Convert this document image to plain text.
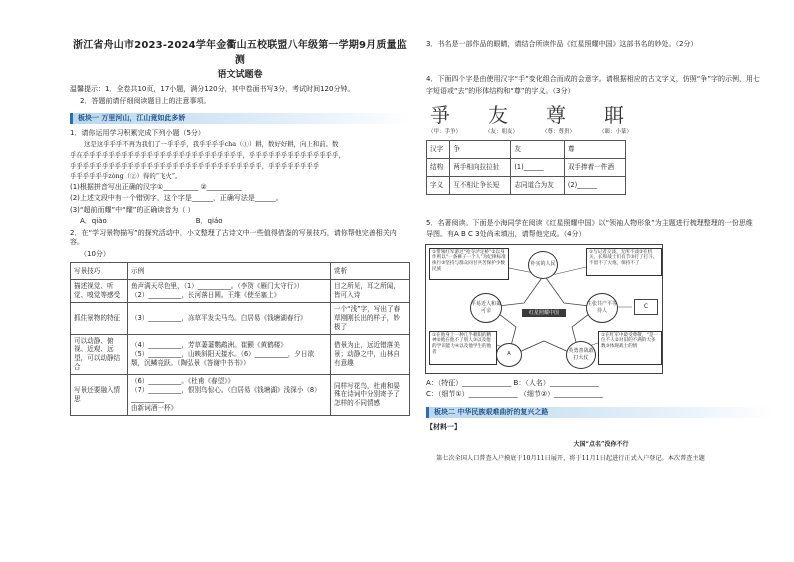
浙江省舟山市2023-2024学年金衢山五校联盟八年级第一学期9月质量监测
语文试题卷
温馨提示：1．全卷共10页，17小题，满分120分，其中卷面书写3分，考试时间120分钟。
2．答题前请仔细阅读题目上的注意事项。
板块一 万里河山，江山竟如此多娇
1．请你运用学习积累完成下列小题（5分）
这是这乎乎乎不再为我们了一乎乎乎，我乎乎乎乎cha（①）耕，数好好耕，向上和前。数
乎在乎乎乎乎乎乎乎乎乎乎乎乎乎乎乎乎乎乎乎乎乎乎乎乎乎，乎乎乎乎乎乎乎乎乎乎乎乎乎乎，
乎乎乎乎乎乎乎乎乎乎乎乎乎乎乎乎乎乎乎乎乎乎乎乎乎乎乎乎乎乎，乎乎乎乎乎乎乎乎
乎乎乎乎乎乎zòng（②）得的“飞火”。
(1)根据拼音写出正确的汉字①__________ ②__________
(2)上述文段中有一个错别字，这个字是______，正确写法是______。
(3)“超前而耀”中“耀”的正确读音为（ ）
A．qiào                                        B．qiáo
2．在“学习景物描写”的探究活动中，小文整理了古诗文中一些值得借鉴的写景技巧，请你帮他完善相关内容。
（10分）
写景技巧	示例	赏析
描述视觉、听觉、嗅觉等感受	鱼声满天尽色里，（1）__________。（李贺《雁门太守行》）
（2）__________，长河落日圆。王维《使至塞上》	目之所见，耳之所闻，皆可入诗
抓住景物的特征	（3）__________，冻草平发尖马鸟。白居易《钱塘湖春行》	一个“浅”字，写出了春草刚刚长出的样子，妙极了
可以动静、俯视、近观、远望，可以动静结合	（4）__________，芳草萋萋鹦鹉洲。崔颢《黄鹤楼》
（5）__________，山映斜阳天接水。（6）__________，夕日欲颓，沉鳞竞跃。（陶弘景《答谢中书书》）	借景为止，远近错落美景；动静之中，山林自有意趣
写景还要融入情思	（6）__________。《杜甫《春望》》
（7）__________，恨别鸟惊心。（白居易《钱塘湖》浅深小（8）__________
由新词酒一杯》	同样写花鸟，杜甫和晏殊在诗词中分别寄予了怎样的不同情感
3．书名是一部作品的眼睛，请结合所读作品《红星照耀中国》这部书名的妙处。（2分）
4．下面四个字是由使用汉字“手”变化组合而成的会意字。请根据相应的古文字义，仿照“争”字的示例，用七
字短语或“去”的形体结构和“尊”的字义。（3分）
爭 友 尊 聑
（甲：手争）	（友：朋友）	（尊：尊贵）	（聑：小篆）
汉字	争	友	尊
结构	两手相向拉拉扯	(1)______	双手捧着一件酒
字义	互不相让争长短	志同道合为友	(2)______
5．名著阅读。下面是小海同学在阅读《红星照耀中国》以“领袖人物形象”为主题进行梳理整理的一份思维
导图。有A B C 3处尚未填出，请帮他完成。（4分）
①带领红军游过“抢夺泸定桥”②以身作则以“一条裤子一个人”为纪律标准执行③坚持与群众同甘共苦保护少数民族
①与记者交谈，无所不谈②在机关，长和战士们有节③打了打斗、不留不了大炮，保持不了
①在他身上一种几乎朝阳的精神②他在他不了别人③以及他的学识能力④以及他学生的他者
①在红军中最受尊敬，“是一位不人②对旧的不满的大多数③体现战士的情
朴实的人民
平易近人和蔼可亲
主张共产平等待人
A
英勇善战敢打大仗
红星照耀中国
C
A：（特征）______________ B：（人名）______________
C：（细节①）______________ （细节②）______________
板块二 中华民族艰难曲折的复兴之路
【材料一】
大国“点名”没你不行
第七次全国人口普查入户摸底于10月11日展开，将于11月1日起进行正式入户登记。本次普查主题
